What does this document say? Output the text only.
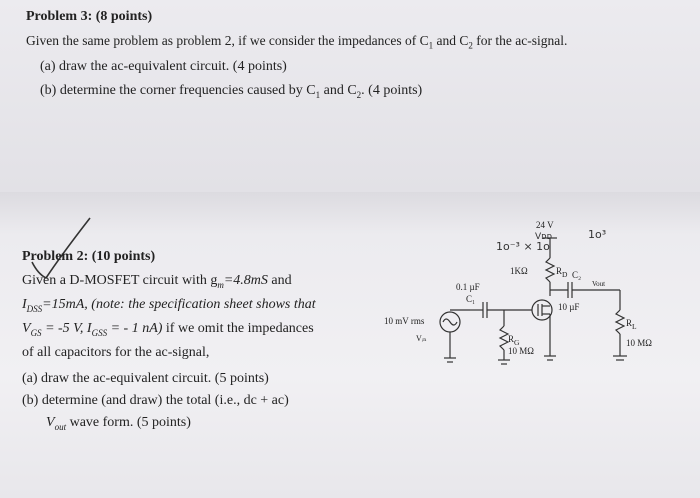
Problem 3: (8 points)
Given the same problem as problem 2, if we consider the impedances of $C_1$ and $C_2$ for the ac-signal.
(a) draw the ac-equivalent circuit. (4 points)
(b) determine the corner frequencies caused by $C_1$ and $C_2$. (4 points)
Problem 2: (10 points)
Given a D-MOSFET circuit with $g_m=4.8mS$ and
$I_{DSS}=15mA$, (note: the specification sheet shows that
$V_{GS} = -5$ V, $I_{GSS}$ = - 1 nA) if we omit the impedances
of all capacitors for the ac-signal,
(a) draw the ac-equivalent circuit. (5 points)
(b) determine (and draw) the total (i.e., dc + ac)
$V_{out}$ wave form. (5 points)
24 V
Vᴅᴅ
1o⁻³ × 1o
1o³
1KΩ	$R_D$ C₂
Vout
10 µF
0.1 µF
C₁
10 mV rms
Vᵢₙ	$R_G$
10 MΩ
$R_L$
10 MΩ
